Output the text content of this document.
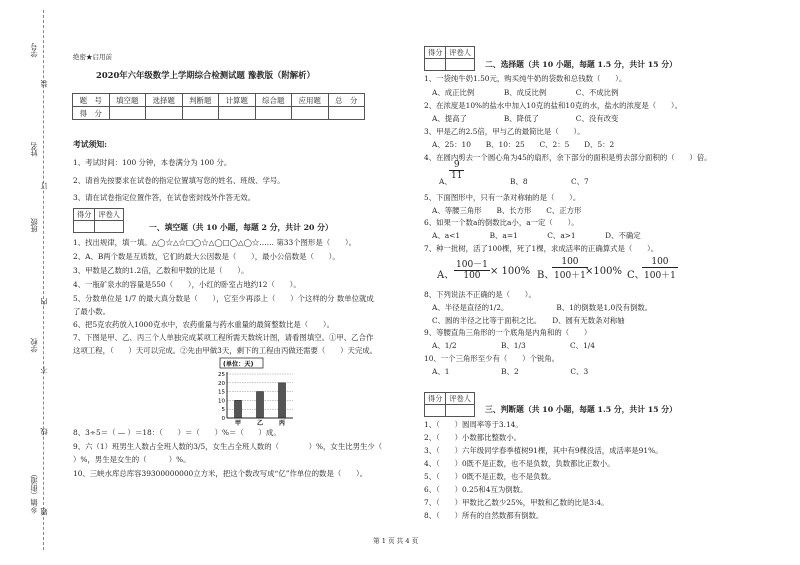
学号
姓名
班级
学校
乡镇（街道）
装
订
内
不
线
题
绝密★启用前
2020年六年级数学上学期综合检测试题 豫教版（附解析）
题　号	填空题	选择题	判断题	计算题	综合题	应用题	总　分
得　分							
考试须知:
1、考试时间：100 分钟，本卷满分为 100 分。
2、请首先按要求在试卷的指定位置填写您的姓名、班级、学号。
3、请在试卷指定位置作答，在试卷密封线外作答无效。
得分	评卷人

一、填空题（共 10 小题，每题 2 分，共计 20 分）
1、找出规律，填一填。△◯☆△☆□◯☆△◯□◯△◯☆…… 第33个图形是（　　）。
2、A、B两个数是互质数，它们的最大公因数是（　　），最小公倍数是（　　）。
3、甲数是乙数的1.2倍，乙数和甲数的比是（　　）。
4、一瓶矿泉水的容量是550（　　），小红的卧室占地约12（　　）。
5、分数单位是 1/7 的最大真分数是（　　），它至少再添上（　　）个这样的分 数单位就成
了最小数。
6、把5克农药放入1000克水中，农药重量与药水重量的最简整数比是（　　）。
7、下图是甲、乙、丙三个人单独完成某项工程所需天数统计图，请看图填空。①甲、乙合作
这项工程，（　　）天可以完成。②先由甲做3天，剩下的工程由丙做还需要（　　）天完成。
(单位：天)
0
5
10
15
20
25
甲	乙	丙
8、3÷5＝（ — ）＝18：（　　）＝（　　）%＝（　　）成。
9、六（1）班男生人数占全班人数的3/5，女生占全班人数的（　　　　）%，女生比男生少（
）%，男生是女生的（　　　）%。
10、三峡水库总库容39300000000立方米，把这个数改写成“亿”作单位的数是（　　）。
得分	评卷人

二、选择题（共 10 小题，每题 1.5 分，共计 15 分）
1、一袋纯牛奶1.50元，购买纯牛奶的袋数和总钱数（　　）。
A、成正比例　　　　B、成反比例　　　　C、不成比例
2、在浓度是10%的盐水中加入10克的盐和10克的水，盐水的浓度是（　　）。
A、提高了　　　　　B、降低了　　　　　C、没有改变
3、甲是乙的2.5倍，甲与乙的最简比是（　　）。
A、25：10　　B、10：25　　C、2：5　　D、5：2
4、在圆内剪去一个圆心角为45的扇形，余下部分的面积是剪去部分面积的（　　）倍。
A、
$\frac{9}{11}$
B、8	C、7
5、下面图形中，只有一条对称轴的是（　　）。
A、等腰三角形　　B、长方形　　C、正方形
6、如果一个数a的倒数比a小，a一定（　　）。
A、a<1　　　　B、a=1　　　　C、a>1　　　　D、不确定
7、种一批树，活了100棵，死了1棵，求成活率的正确算式是（　　）。
A、 $\frac{100-1}{100} \times 100\%$ B、
$\frac{100}{100+1}$
×100% C、
$\frac{100}{100+1}$
8、下列说法不正确的是（　　）。
A、半径是直径的1/2。　　　　　　　B、1的倒数是1,0没有倒数。
C、圆的半径之比等于面积之比。　　D、圆有无数条对称轴
9、等腰直角三角形的一个底角是内角和的（　　）
A、1/2　　　　　　B、1/3　　　　　　C、1/4
10、一个三角形至少有（　　）个锐角。
A、1　　　　　　　B、2　　　　　　　C、3
得分	评卷人

三、判断题（共 10 小题，每题 1.5 分，共计 15 分）
1、（　　）圆周率等于3.14。
2、（　　）小数都比整数小。
3、（　　）六年级同学春季植树91棵，其中有9棵没活，成活率是91%。
4、（　　）0既不是正数，也不是负数，负数都比正数小。
5、（　　）0既不是正数，也不是负数。
6、（　　）0.25和4互为倒数。
7、（　　）甲数比乙数少25%，甲数和乙数的比是3:4。
8、（　　）所有的自然数都有倒数。
第 1 页 共 4 页
